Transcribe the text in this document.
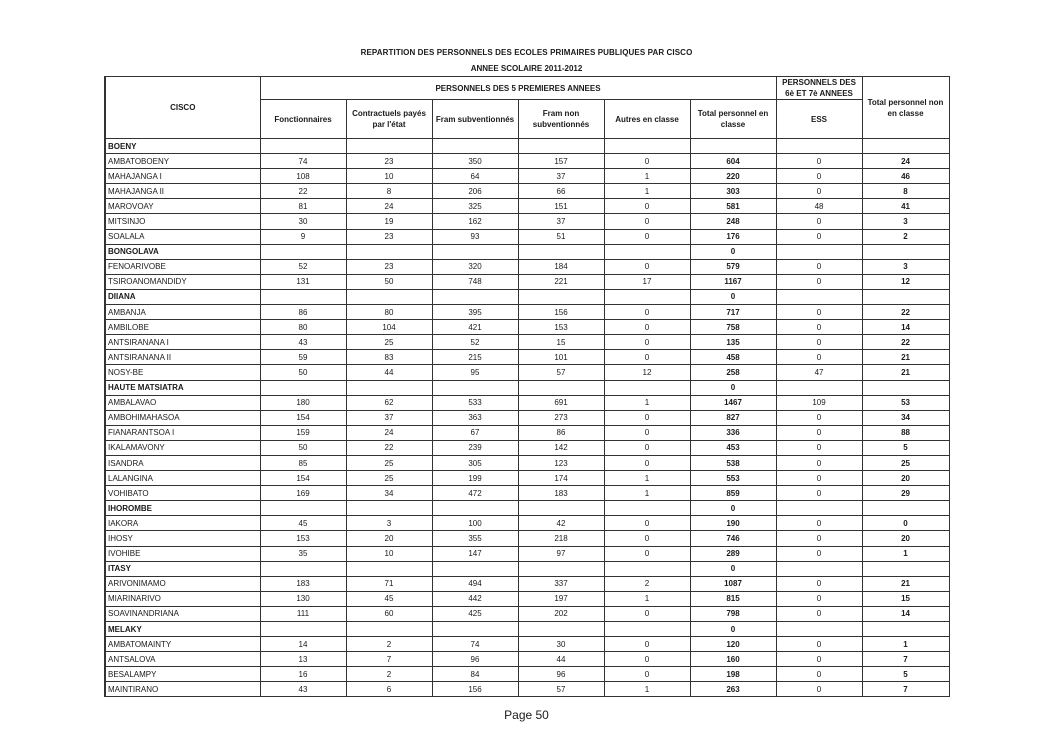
REPARTITION DES PERSONNELS DES ECOLES PRIMAIRES PUBLIQUES PAR CISCO
ANNEE SCOLAIRE 2011-2012
CISCO	PERSONNELS DES 5 PREMIERES ANNEES						PERSONNELS DES 6è ET 7è ANNEES	Total personnel non en classe
	Fonctionnaires	Contractuels payés par l'état	Fram subventionnés	Fram non subventionnés	Autres en classe	Total personnel en classe	ESS	
BOENY								
AMBATOBOENY	74	23	350	157	0	604	0	24
MAHAJANGA I	108	10	64	37	1	220	0	46
MAHAJANGA II	22	8	206	66	1	303	0	8
MAROVOAY	81	24	325	151	0	581	48	41
MITSINJO	30	19	162	37	0	248	0	3
SOALALA	9	23	93	51	0	176	0	2
BONGOLAVA						0		
FENOARIVOBE	52	23	320	184	0	579	0	3
TSIROANOMANDIDY	131	50	748	221	17	1167	0	12
DIIANA						0		
AMBANJA	86	80	395	156	0	717	0	22
AMBILOBE	80	104	421	153	0	758	0	14
ANTSIRANANA I	43	25	52	15	0	135	0	22
ANTSIRANANA II	59	83	215	101	0	458	0	21
NOSY-BE	50	44	95	57	12	258	47	21
HAUTE MATSIATRA						0		
AMBALAVAO	180	62	533	691	1	1467	109	53
AMBOHIMAHASOA	154	37	363	273	0	827	0	34
FIANARANTSOA I	159	24	67	86	0	336	0	88
IKALAMAVONY	50	22	239	142	0	453	0	5
ISANDRA	85	25	305	123	0	538	0	25
LALANGINA	154	25	199	174	1	553	0	20
VOHIBATO	169	34	472	183	1	859	0	29
IHOROMBE						0		
IAKORA	45	3	100	42	0	190	0	0
IHOSY	153	20	355	218	0	746	0	20
IVOHIBE	35	10	147	97	0	289	0	1
ITASY						0		
ARIVONIMAMO	183	71	494	337	2	1087	0	21
MIARINARIVO	130	45	442	197	1	815	0	15
SOAVINANDRIANA	111	60	425	202	0	798	0	14
MELAKY						0		
AMBATOMAINTY	14	2	74	30	0	120	0	1
ANTSALOVA	13	7	96	44	0	160	0	7
BESALAMPY	16	2	84	96	0	198	0	5
MAINTIRANO	43	6	156	57	1	263	0	7
Page 50
